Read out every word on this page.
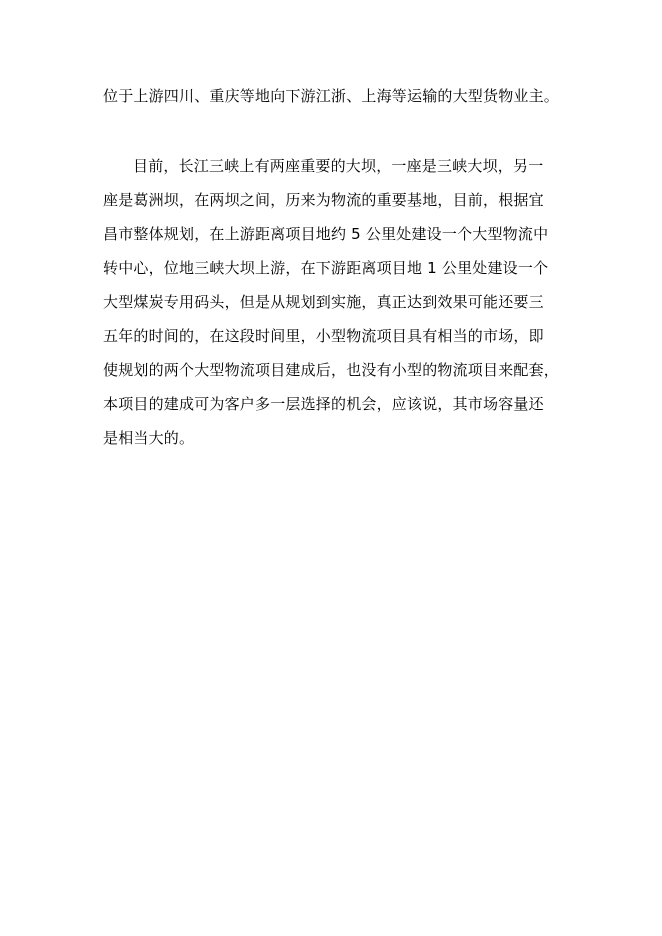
位于上游四川、重庆等地向下游江浙、上海等运输的大型货物业主。
目前，长江三峡上有两座重要的大坝，一座是三峡大坝，另一
座是葛洲坝，在两坝之间，历来为物流的重要基地，目前，根据宜
昌市整体规划，在上游距离项目地约 5 公里处建设一个大型物流中
转中心，位地三峡大坝上游，在下游距离项目地 1 公里处建设一个
大型煤炭专用码头，但是从规划到实施，真正达到效果可能还要三
五年的时间的，在这段时间里，小型物流项目具有相当的市场，即
使规划的两个大型物流项目建成后，也没有小型的物流项目来配套，
本项目的建成可为客户多一层选择的机会，应该说，其市场容量还
是相当大的。
